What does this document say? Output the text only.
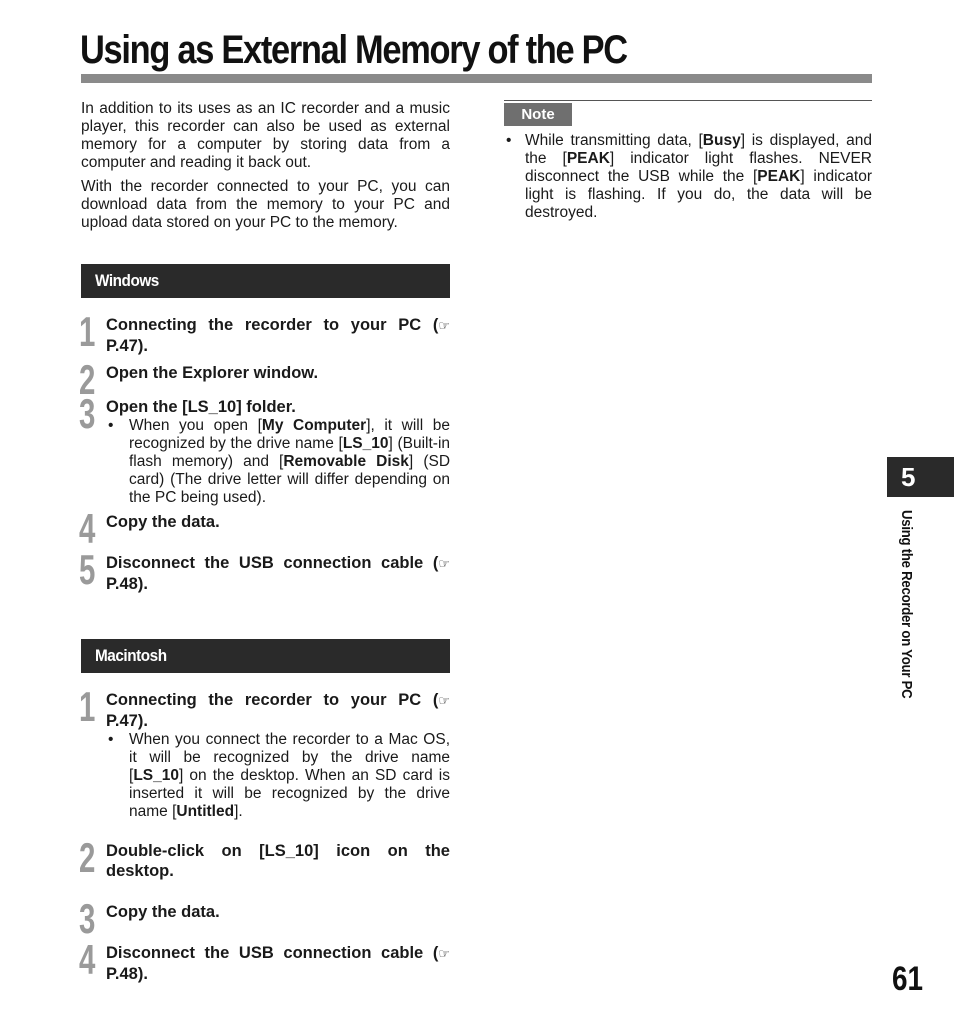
Using as External Memory of the PC

In addition to its uses as an IC recorder and a music player, this recorder can also be used as external memory for a computer by storing data from a computer and reading it back out.

With the recorder connected to your PC, you can download data from the memory to your PC and upload data stored on your PC to the memory.

Windows
1 Connecting the recorder to your PC (☞ P.47).
2 Open the Explorer window.
3 Open the [LS_10] folder.
• When you open [My Computer], it will be recognized by the drive name [LS_10] (Built-in flash memory) and [Removable Disk] (SD card) (The drive letter will differ depending on the PC being used).
4 Copy the data.
5 Disconnect the USB connection cable (☞ P.48).
Macintosh
1 Connecting the recorder to your PC (☞ P.47).
• When you connect the recorder to a Mac OS, it will be recognized by the drive name [LS_10] on the desktop. When an SD card is inserted it will be recognized by the drive name [Untitled].
2 Double-click on [LS_10] icon on the desktop.
3 Copy the data.
4 Disconnect the USB connection cable (☞ P.48).
Note
• While transmitting data, [Busy] is displayed, and the [PEAK] indicator light flashes. NEVER disconnect the USB while the [PEAK] indicator light is flashing. If you do, the data will be destroyed.
5
Using the Recorder on Your PC
61
